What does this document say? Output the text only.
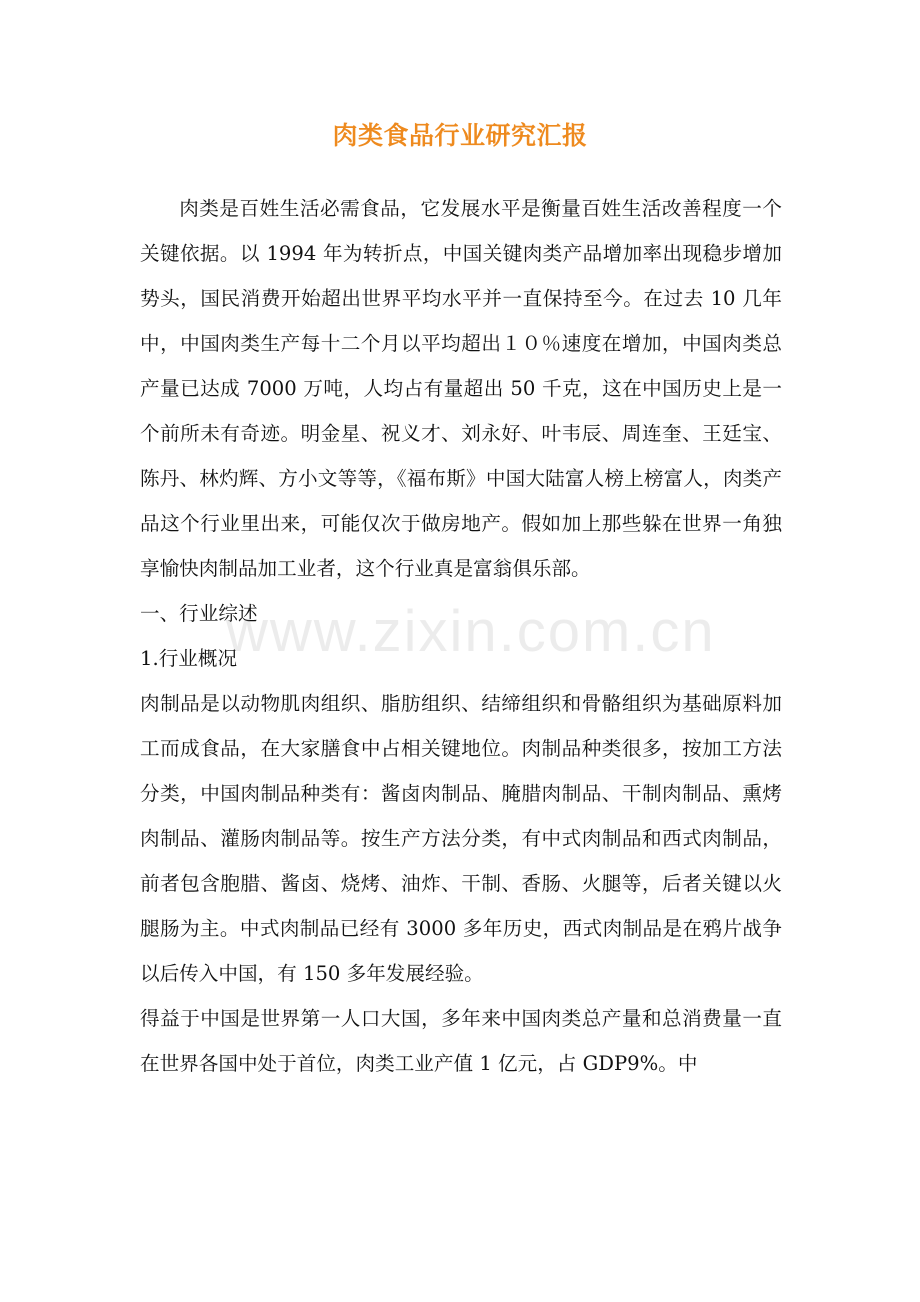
肉类食品行业研究汇报

肉类是百姓生活必需食品，它发展水平是衡量百姓生活改善程度一个关键依据。以 1994 年为转折点，中国关键肉类产品增加率出现稳步增加势头，国民消费开始超出世界平均水平并一直保持至今。在过去 10 几年中，中国肉类生产每十二个月以平均超出１０％速度在增加，中国肉类总产量已达成 7000 万吨，人均占有量超出 50 千克，这在中国历史上是一个前所未有奇迹。明金星、祝义才、刘永好、叶韦辰、周连奎、王廷宝、陈丹、林灼辉、方小文等等，《福布斯》中国大陆富人榜上榜富人，肉类产品这个行业里出来，可能仅次于做房地产。假如加上那些躲在世界一角独享愉快肉制品加工业者，这个行业真是富翁俱乐部。

一、行业综述

1.行业概况

肉制品是以动物肌肉组织、脂肪组织、结缔组织和骨骼组织为基础原料加工而成食品，在大家膳食中占相关键地位。肉制品种类很多，按加工方法分类，中国肉制品种类有：酱卤肉制品、腌腊肉制品、干制肉制品、熏烤肉制品、灌肠肉制品等。按生产方法分类，有中式肉制品和西式肉制品，前者包含胞腊、酱卤、烧烤、油炸、干制、香肠、火腿等，后者关键以火腿肠为主。中式肉制品已经有 3000 多年历史，西式肉制品是在鸦片战争以后传入中国，有 150 多年发展经验。

得益于中国是世界第一人口大国，多年来中国肉类总产量和总消费量一直在世界各国中处于首位，肉类工业产值 1 亿元，占 GDP9%。中

www.zixin.com.cn
